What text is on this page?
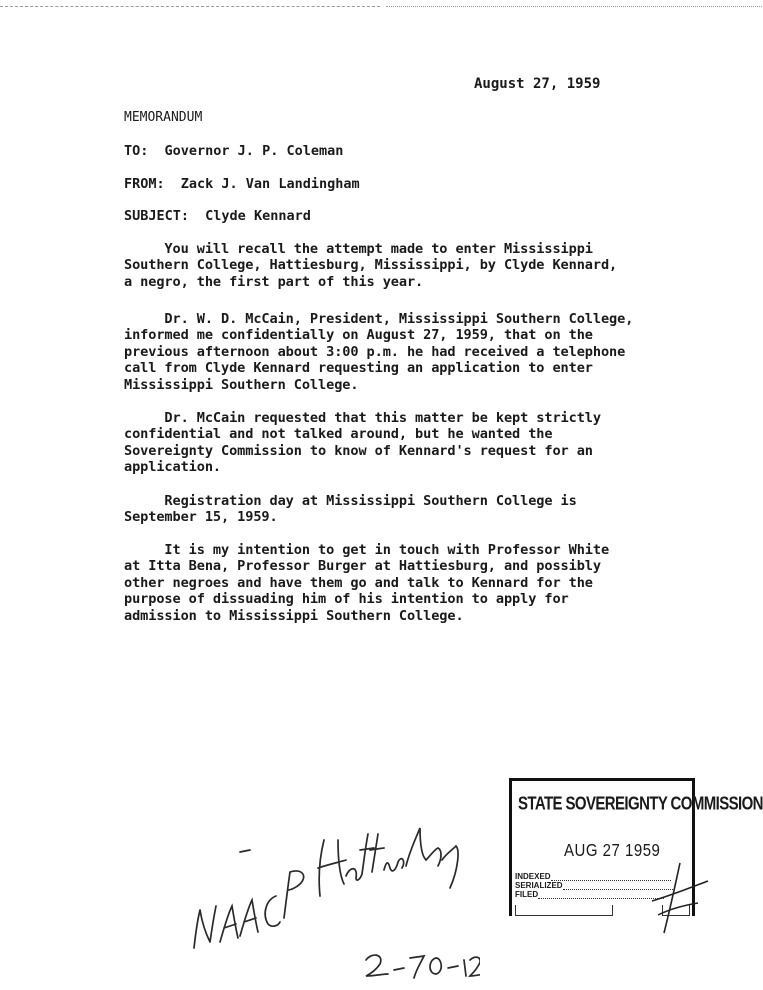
August 27, 1959
MEMORANDUM
TO: Governor J. P. Coleman
FROM: Zack J. Van Landingham
SUBJECT: Clyde Kennard
You will recall the attempt made to enter Mississippi
Southern College, Hattiesburg, Mississippi, by Clyde Kennard,
a negro, the first part of this year.
Dr. W. D. McCain, President, Mississippi Southern College,
informed me confidentially on August 27, 1959, that on the
previous afternoon about 3:00 p.m. he had received a telephone
call from Clyde Kennard requesting an application to enter
Mississippi Southern College.
Dr. McCain requested that this matter be kept strictly
confidential and not talked around, but he wanted the
Sovereignty Commission to know of Kennard's request for an
application.
Registration day at Mississippi Southern College is
September 15, 1959.
It is my intention to get in touch with Professor White
at Itta Bena, Professor Burger at Hattiesburg, and possibly
other negroes and have them go and talk to Kennard for the
purpose of dissuading him of his intention to apply for
admission to Mississippi Southern College.
STATE SOVEREIGNTY COMMISSION
AUG 27 1959
INDEXED
SERIALIZED
FILED
